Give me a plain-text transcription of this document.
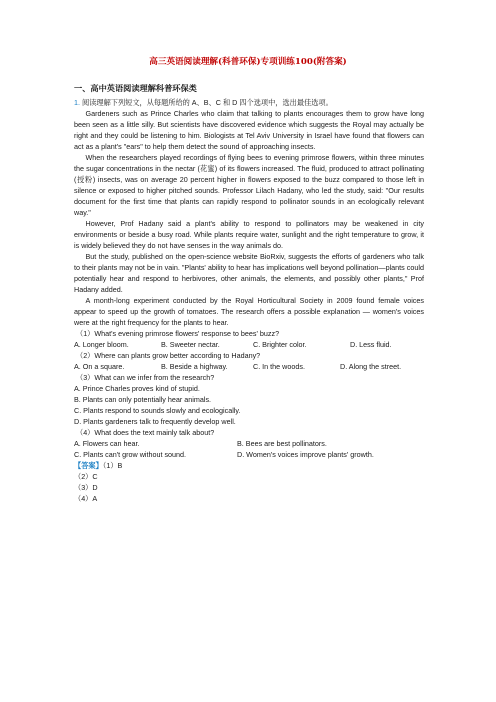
高三英语阅读理解(科普环保)专项训练100(附答案)
一、高中英语阅读理解科普环保类
1. 阅读理解下列短文，从每题所给的 A、B、C 和 D 四个选项中，选出最佳选项。

Gardeners such as Prince Charles who claim that talking to plants encourages them to grow have long been seen as a little silly. But scientists have discovered evidence which suggests the Royal may actually be right and they could be listening to him. Biologists at Tel Aviv University in Israel have found that flowers can act as a plant's "ears" to help them detect the sound of approaching insects.

When the researchers played recordings of flying bees to evening primrose flowers, within three minutes the sugar concentrations in the nectar (花蜜) of its flowers increased. The fluid, produced to attract pollinating (授粉) insects, was on average 20 percent higher in flowers exposed to the buzz compared to those left in silence or exposed to higher pitched sounds. Professor Lilach Hadany, who led the study, said: "Our results document for the first time that plants can rapidly respond to pollinator sounds in an ecologically relevant way."

However, Prof Hadany said a plant's ability to respond to pollinators may be weakened in city environments or beside a busy road. While plants require water, sunlight and the right temperature to grow, it is widely believed they do not have senses in the way animals do.

But the study, published on the open-science website BioRxiv, suggests the efforts of gardeners who talk to their plants may not be in vain. "Plants' ability to hear has implications well beyond pollination—plants could potentially hear and respond to herbivores, other animals, the elements, and possibly other plants," Prof Hadany added.

A month-long experiment conducted by the Royal Horticultural Society in 2009 found female voices appear to speed up the growth of tomatoes. The research offers a possible explanation — women's voices were at the right frequency for the plants to hear.

（1）What's evening primrose flowers' response to bees' buzz?
A. Longer bloom.	B. Sweeter nectar.	C. Brighter color.	D. Less fluid.
（2）Where can plants grow better according to Hadany?
A. On a square.	B. Beside a highway.	C. In the woods.	D. Along the street.
（3）What can we infer from the research?
A. Prince Charles proves kind of stupid.
B. Plants can only potentially hear animals.
C. Plants respond to sounds slowly and ecologically.
D. Plants gardeners talk to frequently develop well.
（4）What does the text mainly talk about?
A. Flowers can hear.	B. Bees are best pollinators.
C. Plants can't grow without sound.	D. Women's voices improve plants' growth.
【答案】（1）B
（2）C
（3）D
（4）A
